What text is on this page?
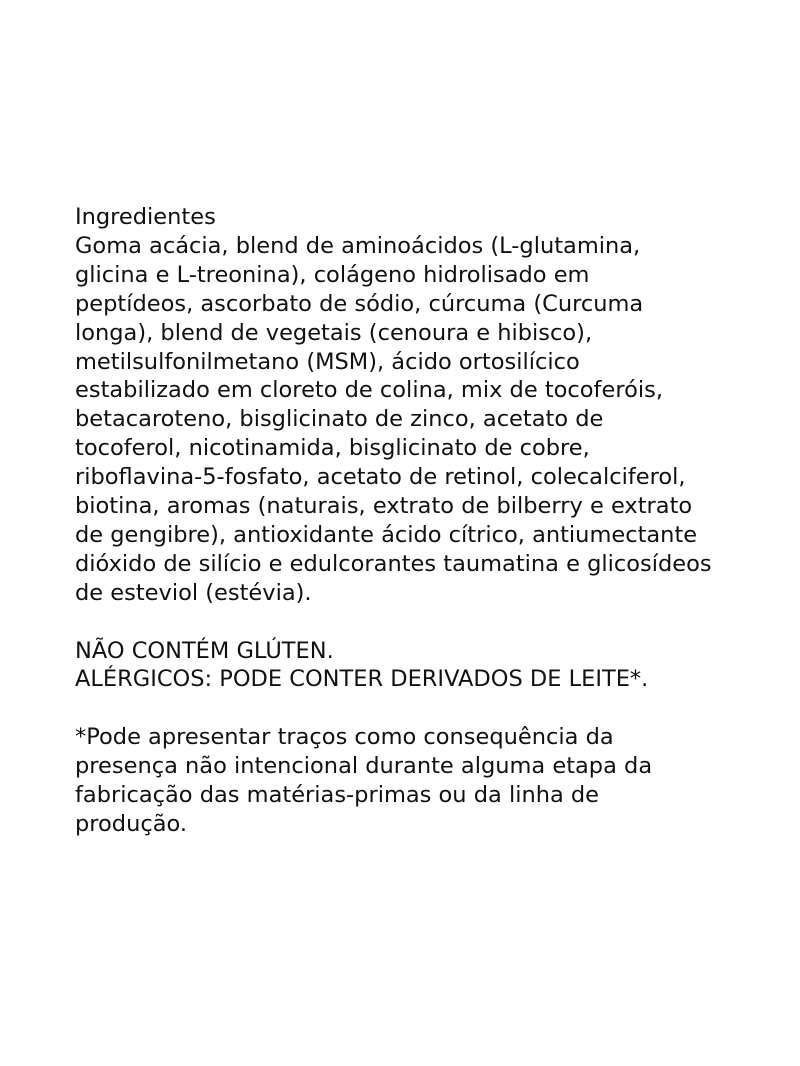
Ingredientes
Goma acácia, blend de aminoácidos (L-glutamina,
glicina e L-treonina), colágeno hidrolisado em
peptídeos, ascorbato de sódio, cúrcuma (Curcuma
longa), blend de vegetais (cenoura e hibisco),
metilsulfonilmetano (MSM), ácido ortosilícico
estabilizado em cloreto de colina, mix de tocoferóis,
betacaroteno, bisglicinato de zinco, acetato de
tocoferol, nicotinamida, bisglicinato de cobre,
riboflavina-5-fosfato, acetato de retinol, colecalciferol,
biotina, aromas (naturais, extrato de bilberry e extrato
de gengibre), antioxidante ácido cítrico, antiumectante
dióxido de silício e edulcorantes taumatina e glicosídeos
de esteviol (estévia).
NÃO CONTÉM GLÚTEN.
ALÉRGICOS: PODE CONTER DERIVADOS DE LEITE*.
*Pode apresentar traços como consequência da
presença não intencional durante alguma etapa da
fabricação das matérias-primas ou da linha de
produção.
